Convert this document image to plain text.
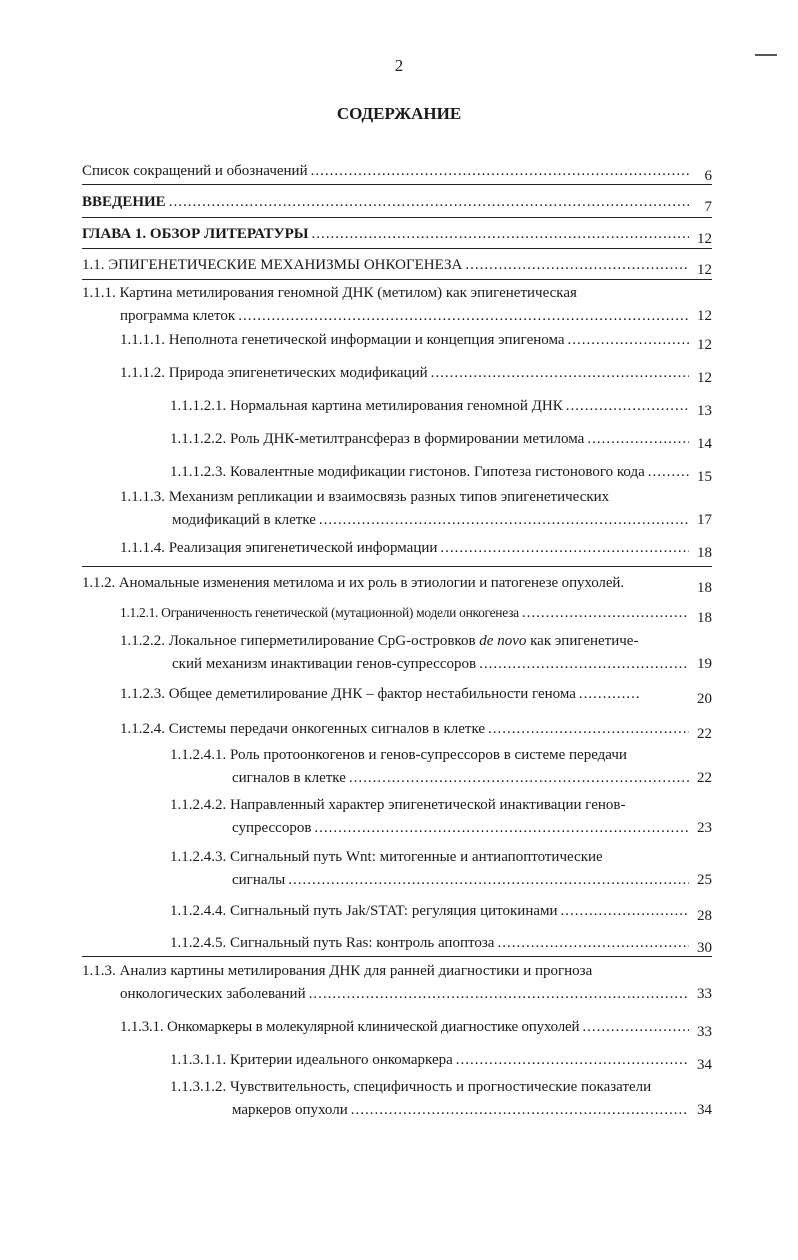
2
СОДЕРЖАНИЕ
Список сокращений и обозначений .....	6
ВВЕДЕНИЕ .....	7
ГЛАВА 1. ОБЗОР ЛИТЕРАТУРЫ .....	12
1.1. ЭПИГЕНЕТИЧЕСКИЕ МЕХАНИЗМЫ ОНКОГЕНЕЗА .....	12
1.1.1. Картина метилирования геномной ДНК (метилом) как эпигенетическая
программа клеток .....	12
1.1.1.1. Неполнота генетической информации и концепция эпигенома .....	12
1.1.1.2. Природа эпигенетических модификаций .....	12
1.1.1.2.1. Нормальная картина метилирования геномной ДНК .....	13
1.1.1.2.2. Роль ДНК-метилтрансфераз в формировании метилома .....	14
1.1.1.2.3. Ковалентные модификации гистонов. Гипотеза гистонового кода .....	15
1.1.1.3. Механизм репликации и взаимосвязь разных типов эпигенетических
модификаций в клетке .....	17
1.1.1.4. Реализация эпигенетической информации .....	18
1.1.2. Аномальные изменения метилома и их роль в этиологии и патогенезе опухолей.	18
1.1.2.1. Ограниченность генетической (мутационной) модели онкогенеза .....	18
1.1.2.2. Локальное гиперметилирование CpG-островков
de novo
как эпигенетиче-
ский механизм инактивации генов-супрессоров .....	19
1.1.2.3. Общее деметилирование ДНК – фактор нестабильности генома .....	20
1.1.2.4. Системы передачи онкогенных сигналов в клетке .....	22
1.1.2.4.1. Роль протоонкогенов и генов-супрессоров в системе передачи
сигналов в клетке .....	22
1.1.2.4.2. Направленный характер эпигенетической инактивации генов-
супрессоров .....	23
1.1.2.4.3. Сигнальный путь Wnt: митогенные и антиапоптотические
сигналы .....	25
1.1.2.4.4. Сигнальный путь Jak/STAT: регуляция цитокинами .....	28
1.1.2.4.5. Сигнальный путь Ras: контроль апоптоза .....	30
1.1.3. Анализ картины метилирования ДНК для ранней диагностики и прогноза
онкологических заболеваний .....	33
1.1.3.1. Онкомаркеры в молекулярной клинической диагностике опухолей .....	33
1.1.3.1.1. Критерии идеального онкомаркера .....	34
1.1.3.1.2. Чувствительность, специфичность и прогностические показатели
маркеров опухоли .....	34
